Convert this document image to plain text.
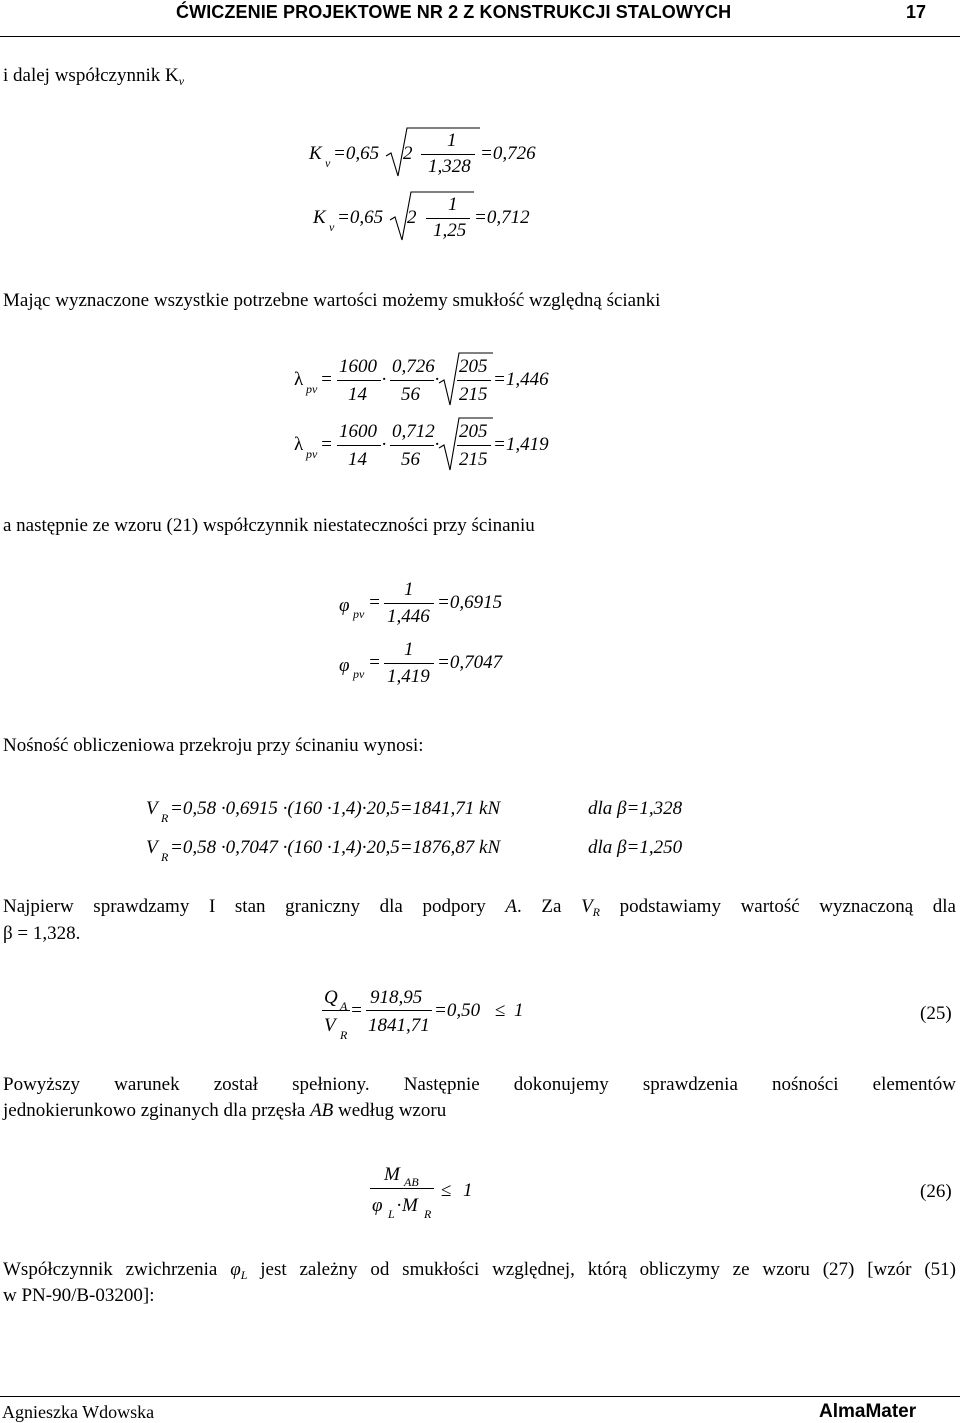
ĆWICZENIE PROJEKTOWE NR 2 Z KONSTRUKCJI STALOWYCH	17
i dalej współczynnik $K_v$
K v =0,65 2
1
1,328
=0,726
K v =0,65 2
1
1,25
=0,712
λ pv =
1600
14
·
0,726
56
·
205
215
=1,446
λ pv =
1600
14
·
0,712
56
·
205
215
=1,419
φ pv
=
1
1,446
=0,6915
φ pv
=
1
1,419
=0,7047
V R =0,58 ·0,6915 ·(160 ·1,4)·20,5=1841,71 kN	dla β=1,328
V R =0,58 ·0,7047 ·(160 ·1,4)·20,5=1876,87 kN	dla β=1,250
Q A
V R
=
918,95
1841,71
=0,50 ≤ 1	(25)
M AB
φ L · M R
≤ 1	(26)
Mając wyznaczone wszystkie potrzebne wartości możemy smukłość względną ścianki
a następnie ze wzoru (21) współczynnik niestateczności przy ścinaniu
Nośność obliczeniowa przekroju przy ścinaniu wynosi:
Najpierw sprawdzamy I stan graniczny dla podpory A. Za $V_R$ podstawiamy wartość wyznaczoną dla
β = 1,328.
Powyższy warunek został spełniony. Następnie dokonujemy sprawdzenia nośności elementów
jednokierunkowo zginanych dla przęsła AB według wzoru
Współczynnik zwichrzenia $\varphi_L$ jest zależny od smukłości względnej, którą obliczymy ze wzoru (27) [wzór (51)
w PN-90/B-03200]:
Agnieszka Wdowska	AlmaMater
